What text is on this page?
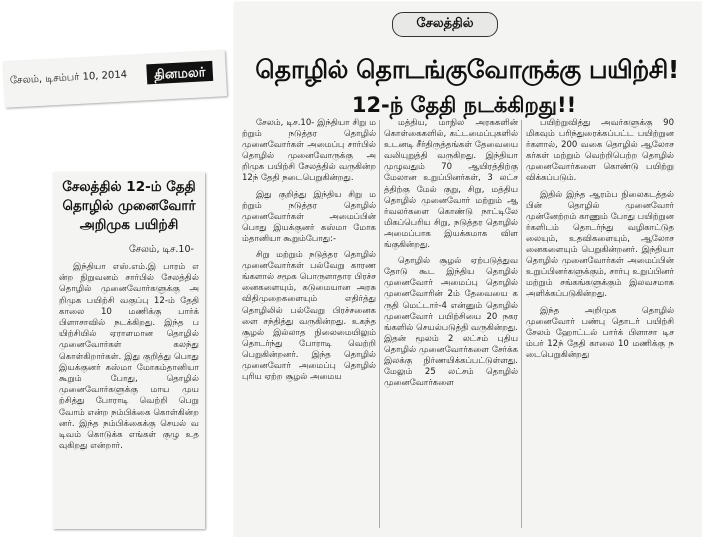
சேலம், டிசம்பர் 10, 2014 தினமலர்
சேலத்தில் 12-ம் தேதி தொழில் முனைவோர் அறிமுக பயிற்சி
சேலம், டிச.10-

இந்தியா எஸ்.எம்.இ பாரம் என்ற நிறுவனம் சார்பில் சேலத்தில் தொழில் முனைவோர்களுக்கு அறிமுக பயிற்சி வகுப்பு 12-ம் தேதி காலை 10 மணிக்கு பார்க் பிளாசாவில் நடக்கிறது. இந்த பயிற்சியில் ஏராளமான தொழில் முனைவோர்கள் கலந்து கொள்கிறார்கள். இது குறித்து பொது இயக்குனர் கஸ்மா மோகம்தானியா கூறும் போது, தொழில் முனைவோர்களுக்கு மாய முயற்சித்து போராடி வெற்றி பெறு வோம் என்ற நம்பிக்கை கொள்கின்றனர். இந்த நம்பிக்கைக்கு செயல் வடிவம் கொடுக்க எங்கள் குழு உதவுகிறது என்றார்.

சேலத்தில்
தொழில் தொடங்குவோருக்கு பயிற்சி!
12-ந் தேதி நடக்கிறது!!

சேலம், டிச.10- இந்தியா சிறு மற்றும் நடுத்தர தொழில் முனைவோர்கள் அமைப்பு சார்பில் தொழில் முனைவோருக்கு அறிமுக பயிற்சி சேலத்தில் வருகின்ற 12ந் தேதி நடைபெறுகின்றது.

இது குறித்து இந்திய சிறு மற்றும் நடுத்தர தொழில் முனைவோர்கள் அமைப்பின் பொது இயக்குனர் கஸ்மா மோகம்தானியா கூறும்போது:-

சிறு மற்றும் நடுத்தர தொழில் முனைவோர்கள் பல்வேறு காரணங்களால் சமூக பொருளாதார பிரச்சனைகளையும், கடுமையான அரசு விதிமுறைகளையும் எதிர்த்து தொழிலில் பல்வேறு பிரச்சனைகளை சந்தித்து வருகின்றது. உகந்த சூழல் இல்லாத நிலைமையிலும் தொடர்ந்து போராடி வெற்றி பெறுகின்றனர். இந்த தொழில் முனைவோர் அமைப்பு தொழில் புரிய ஏற்ற சூழல் அமைய

மத்திய, மாநில அரசுகளின் கொள்கைகளில், கட்டமைப்புகளில் உடனடி சீர்திருத்தங்கள் தேவையை வலியுறுத்தி வருகிறது. இந்தியா முழுவதும் 70 ஆயிரத்திற்கு மேலான உறுப்பினர்கள், 3 லட்சத்திற்கு மேல் குறு, சிறு, மத்திய தொழில் முனைவோர் மற்றும் ஆர்வலர்களை கொண்டு நாட்டிலே மிகப்பெரிய சிறு, நடுத்தர தொழில் அமைப்பாக இயக்கமாக விளங்குகின்றது.

தொழில் சூழல் ஏற்படுத்துவதோடு கூட இந்திய தொழில் முனைவோர் அமைப்பு தொழில் முனைவோரின் 2ம் தேவையை கருதி மெட்டார்-4 என்னும் தொழில் முனைவோர் பயிற்சியை 20 நகரங்களில் செயல்படுத்தி வருகின்றது. இதன் மூலம் 2 லட்சம் புதிய தொழில் முனைவோர்களை சேர்க்க இலக்கு நிர்ணயிக்கப்பட்டுள்ளது. மேலும் 25 லட்சம் தொழில் முனைவோர்களை

பயிற்றுவித்து அவர்களுக்கு 90 மிகவும் பரிந்துரைக்கப்பட்ட பயிற்றுனர்களால், 200 வகை தொழில் ஆலோசகர்கள் மற்றும் வெற்றிபெற்ற தொழில் முனைவோர்களை கொண்டு பயிற்று விக்கப்படும்.

இதில் இந்த ஆரம்ப நிலைகடத்தல் பின் தொழில் முனைவோர் முன்னேற்றம் காணும் போது பயிற்றுனர்களிடம் தொடர்ந்து வழிகாட்டுதலையும், உதவிகளையும், ஆலோசனைகளையும் பெறுகின்றனர். இந்தியா தொழில் முனைவோர்கள் அமைப்பின் உறுப்பினர்களுக்கும், சார்பு உறுப்பினர் மற்றும் சங்கங்களுக்கும் இலவசமாக அளிக்கப்படுகின்றது.

இந்த அறிமுக தொழில் முனைவோர் பண்பு தொடர் பயிற்சி சேலம் ஹோட்டல் பார்க் பிளாசா டிசம்பர் 12ந் தேதி காலை 10 மணிக்கு நடைபெறுகின்றது
